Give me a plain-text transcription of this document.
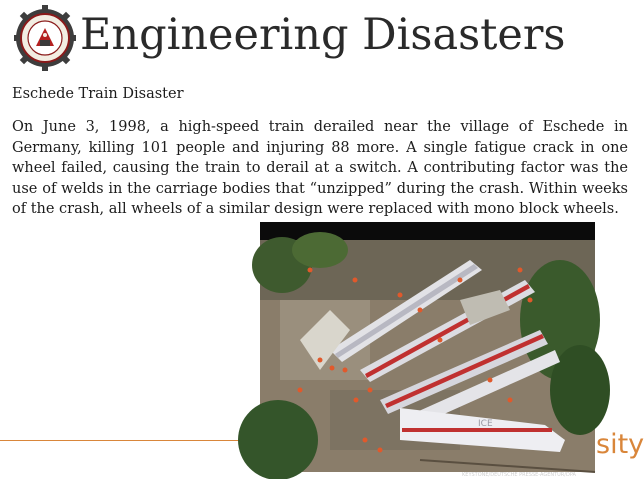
Engineering Disasters
Eschede Train Disaster

On June 3, 1998, a high-speed train derailed near the village of Eschede in Germany, killing 101 people and injuring 88 more. A single fatigue crack in one wheel failed, causing the train to derail at a switch. A contributing factor was the use of welds in the carriage bodies that “unzipped” during the crash. Within weeks of the crash, all wheels of a similar design were replaced with mono block wheels.

sity
ICE
KEYSTONE/DEUTSCHE PRESSE-AGENTUR/DPA
